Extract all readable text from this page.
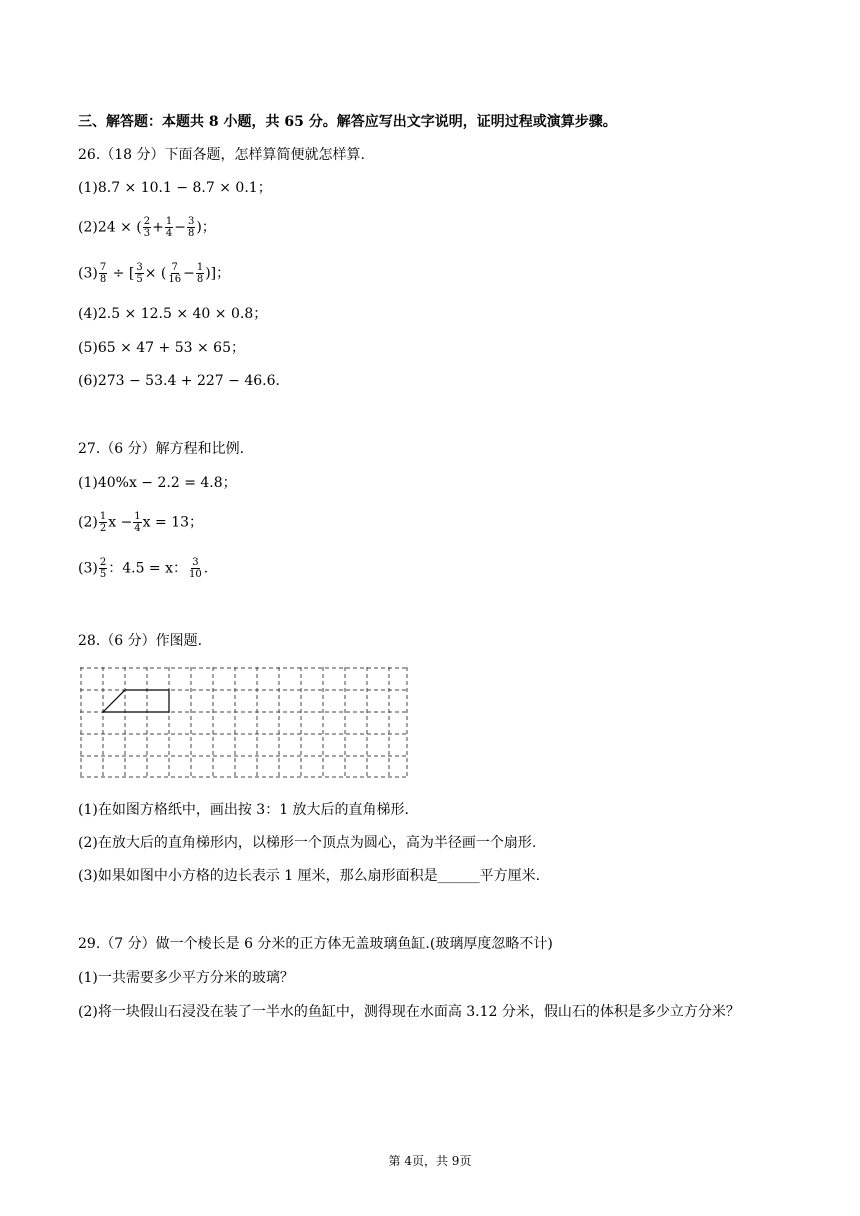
三、解答题：本题共 8 小题，共 65 分。解答应写出文字说明，证明过程或演算步骤。
26.（18 分）下面各题，怎样算简便就怎样算.
(1)8.7 × 10.1 − 8.7 × 0.1；
(2)24 × ( $\frac{2}{3} + \frac{1}{4} - \frac{3}{8}$ )；
$(3) \frac{7}{8}$ ÷ [ $\frac{3}{5}$ × ( $\frac{7}{16} - \frac{1}{8}$ )]；
(4)2.5 × 12.5 × 40 × 0.8；
(5)65 × 47 + 53 × 65；
(6)273 − 53.4 + 227 − 46.6.
27.（6 分）解方程和比例.
(1)40%x − 2.2 = 4.8；
$(2) \frac{1}{2}$ $x - \frac{1}{4}$ x = 13；
$(3) \frac{2}{5}$ ：4.5 = x： $\frac{3}{10}$ .
28.（6 分）作图题.
(1)在如图方格纸中，画出按 3：1 放大后的直角梯形.
(2)在放大后的直角梯形内，以梯形一个顶点为圆心，高为半径画一个扇形.
(3)如果如图中小方格的边长表示 1 厘米，那么扇形面积是______平方厘米.
29.（7 分）做一个棱长是 6 分米的正方体无盖玻璃鱼缸.(玻璃厚度忽略不计)
(1)一共需要多少平方分米的玻璃？
(2)将一块假山石浸没在装了一半水的鱼缸中，测得现在水面高 3.12 分米，假山石的体积是多少立方分米？
第 4页，共 9页
